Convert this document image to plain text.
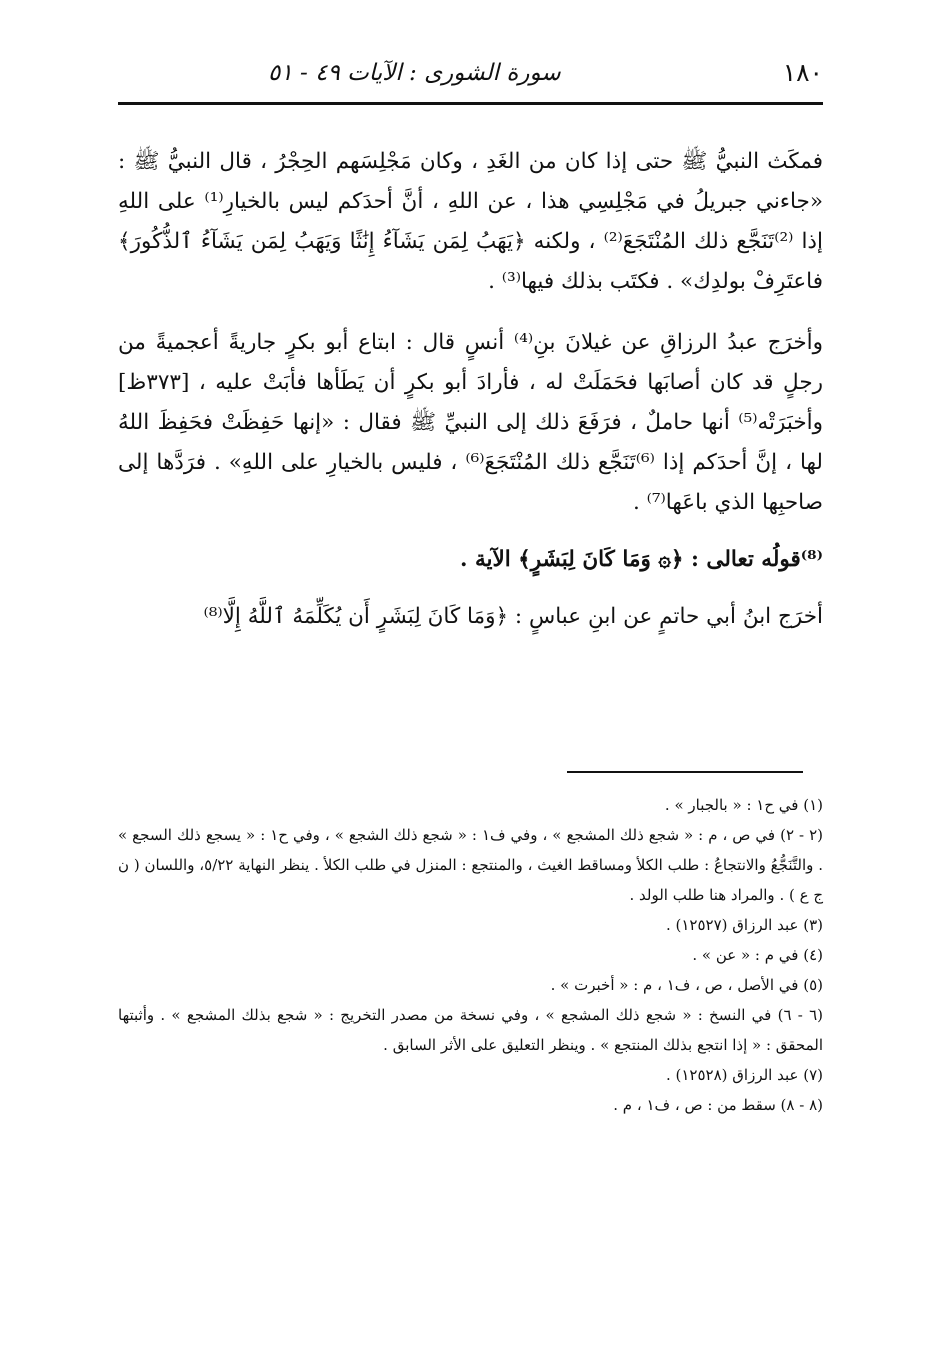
١٨٠
سورة الشورى : الآيات ٤٩ - ٥١

فمكَث النبيُّ ﷺ حتى إذا كان من الغَدِ ، وكان مَجْلِسَهم الحِجْرُ ، قال النبيُّ ﷺ : «جاءني جبريلُ في مَجْلِسِي هذا ، عن اللهِ ، أنَّ أحدَكم ليس بالخيارِ⁽¹⁾ على اللهِ إذا ⁽²⁾تَنَجَّع ذلك المُنْتَجَعَ⁽²⁾ ، ولكنه ﴿يَهَبُ لِمَن يَشَآءُ إِنَٰثًا وَيَهَبُ لِمَن يَشَآءُ ٱلذُّكُورَ﴾ فاعتَرِفْ بولدِك» . فكتَب بذلك فيها⁽³⁾ .

وأخرَج عبدُ الرزاقِ عن غيلانَ بنِ⁽⁴⁾ أنسٍ قال : ابتاع أبو بكرٍ جاريةً أعجميةً من رجلٍ قد كان أصابَها فحَمَلَتْ له ، فأرادَ أبو بكرٍ أن يَطَأها فأبَتْ عليه ، [٣٧٣ظ] وأخبَرَتْه⁽⁵⁾ أنها حاملٌ ، فرَفَعَ ذلك إلى النبيِّ ﷺ فقال : «إنها حَفِظَتْ فحَفِظَ اللهُ لها ، إنَّ أحدَكم إذا ⁽⁶⁾تَنَجَّع ذلك المُنْتَجَعَ⁽⁶⁾ ، فليس بالخيارِ على اللهِ» . فرَدَّها إلى صاحبِها الذي باعَها⁽⁷⁾ .

⁽⁸⁾قولُه تعالى : ﴿۞ وَمَا كَانَ لِبَشَرٍ﴾ الآية .

أخرَج ابنُ أبي حاتمٍ عن ابنِ عباسٍ : ﴿وَمَا كَانَ لِبَشَرٍ أَن يُكَلِّمَهُ ٱللَّهُ إِلَّا⁽⁸⁾

(١) في ح١ : « بالجبار » .

(٢ - ٢) في ص ، م : « شجع ذلك المشجع » ، وفي ف١ : « شجع ذلك الشجع » ، وفي ح١ : « يسجع ذلك السجع » . والتَّنَجُّعُ والانتجاعُ : طلب الكلأ ومساقط الغيث ، والمنتجع : المنزل في طلب الكلأ . ينظر النهاية ٥/٢٢، واللسان ( ن ج ع ) . والمراد هنا طلب الولد .

(٣) عبد الرزاق (١٢٥٢٧) .

(٤) في م : « عن » .

(٥) في الأصل ، ص ، ف١ ، م : « أخبرت » .

(٦ - ٦) في النسخ : « شجع ذلك المشجع » ، وفي نسخة من مصدر التخريج : « شجع بذلك المشجع » . وأثبتها المحقق : « إذا انتجع بذلك المنتجع » . وينظر التعليق على الأثر السابق .

(٧) عبد الرزاق (١٢٥٢٨) .

(٨ - ٨) سقط من : ص ، ف١ ، م .
